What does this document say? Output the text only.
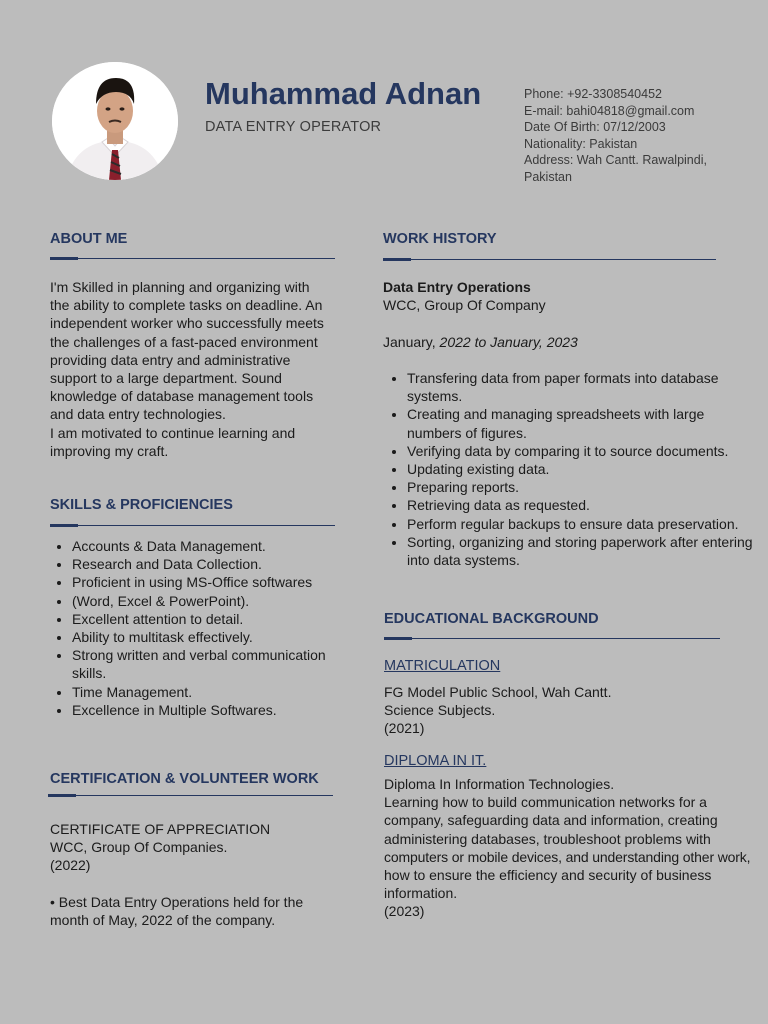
Muhammad Adnan
DATA ENTRY OPERATOR
Phone: +92-3308540452
E-mail: bahi04818@gmail.com
Date Of Birth: 07/12/2003
Nationality: Pakistan
Address: Wah Cantt. Rawalpindi, Pakistan
ABOUT ME
I'm Skilled in planning and organizing with
the ability to complete tasks on deadline. An
independent worker who successfully meets
the challenges of a fast-paced environment
providing data entry and administrative
support to a large department. Sound
knowledge of database management tools
and data entry technologies.
I am motivated to continue learning and
improving my craft.
SKILLS & PROFICIENCIES
• Accounts & Data Management.
• Research and Data Collection.
• Proficient in using MS-Office softwares
• (Word, Excel & PowerPoint).
• Excellent attention to detail.
• Ability to multitask effectively.
• Strong written and verbal communication skills.
• Time Management.
• Excellence in Multiple Softwares.
CERTIFICATION & VOLUNTEER WORK
CERTIFICATE OF APPRECIATION
WCC, Group Of Companies.
(2022)
• Best Data Entry Operations held for the
month of May, 2022 of the company.
WORK HISTORY
Data Entry Operations
WCC, Group Of Company
January, 2022 to January, 2023
• Transfering data from paper formats into database systems.
• Creating and managing spreadsheets with large numbers of figures.
• Verifying data by comparing it to source documents.
• Updating existing data.
• Preparing reports.
• Retrieving data as requested.
• Perform regular backups to ensure data preservation.
• Sorting, organizing and storing paperwork after entering into data systems.
EDUCATIONAL BACKGROUND
MATRICULATION
FG Model Public School, Wah Cantt.
Science Subjects.
(2021)
DIPLOMA IN IT.
Diploma In Information Technologies.
Learning how to build communication networks for a
company, safeguarding data and information, creating
administering databases, troubleshoot problems with
computers or mobile devices, and understanding other work,
how to ensure the efficiency and security of business
information.
(2023)
